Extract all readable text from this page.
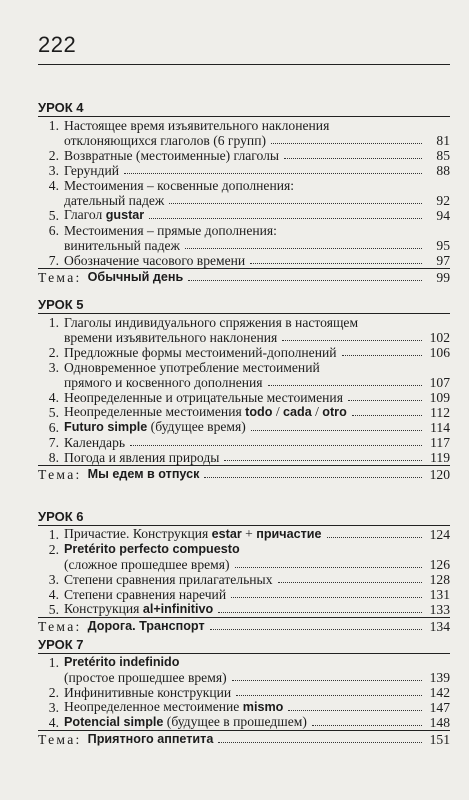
222
УРОК 4
1. Настоящее время изъявительного наклонения
отклоняющихся глаголов (6 групп)	81
2. Возвратные (местоименные) глаголы	85
3. Герундий	88
4. Местоимения – косвенные дополнения:
дательный падеж	92
5. Глагол gustar	94
6. Местоимения – прямые дополнения:
винительный падеж	95
7. Обозначение часового времени	97
Тема: Обычный день	99
УРОК 5
1. Глаголы индивидуального спряжения в настоящем
времени изъявительного наклонения	102
2. Предложные формы местоимений-дополнений	106
3. Одновременное употребление местоимений
прямого и косвенного дополнения	107
4. Неопределенные и отрицательные местоимения	109
5. Неопределенные местоимения todo / cada / otro	112
6. Futuro simple (будущее время)	114
7. Календарь	117
8. Погода и явления природы	119
Тема: Мы едем в отпуск	120
УРОК 6
1. Причастие. Конструкция estar + причастие	124
2. Pretérito perfecto compuesto
(сложное прошедшее время)	126
3. Степени сравнения прилагательных	128
4. Степени сравнения наречий	131
5. Конструкция al+infinitivo	133
Тема: Дорога. Транспорт	134
УРОК 7
1. Pretérito indefinido
(простое прошедшее время)	139
2. Инфинитивные конструкции	142
3. Неопределенное местоимение mismo	147
4. Potencial simple (будущее в прошедшем)	148
Тема: Приятного аппетита	151
